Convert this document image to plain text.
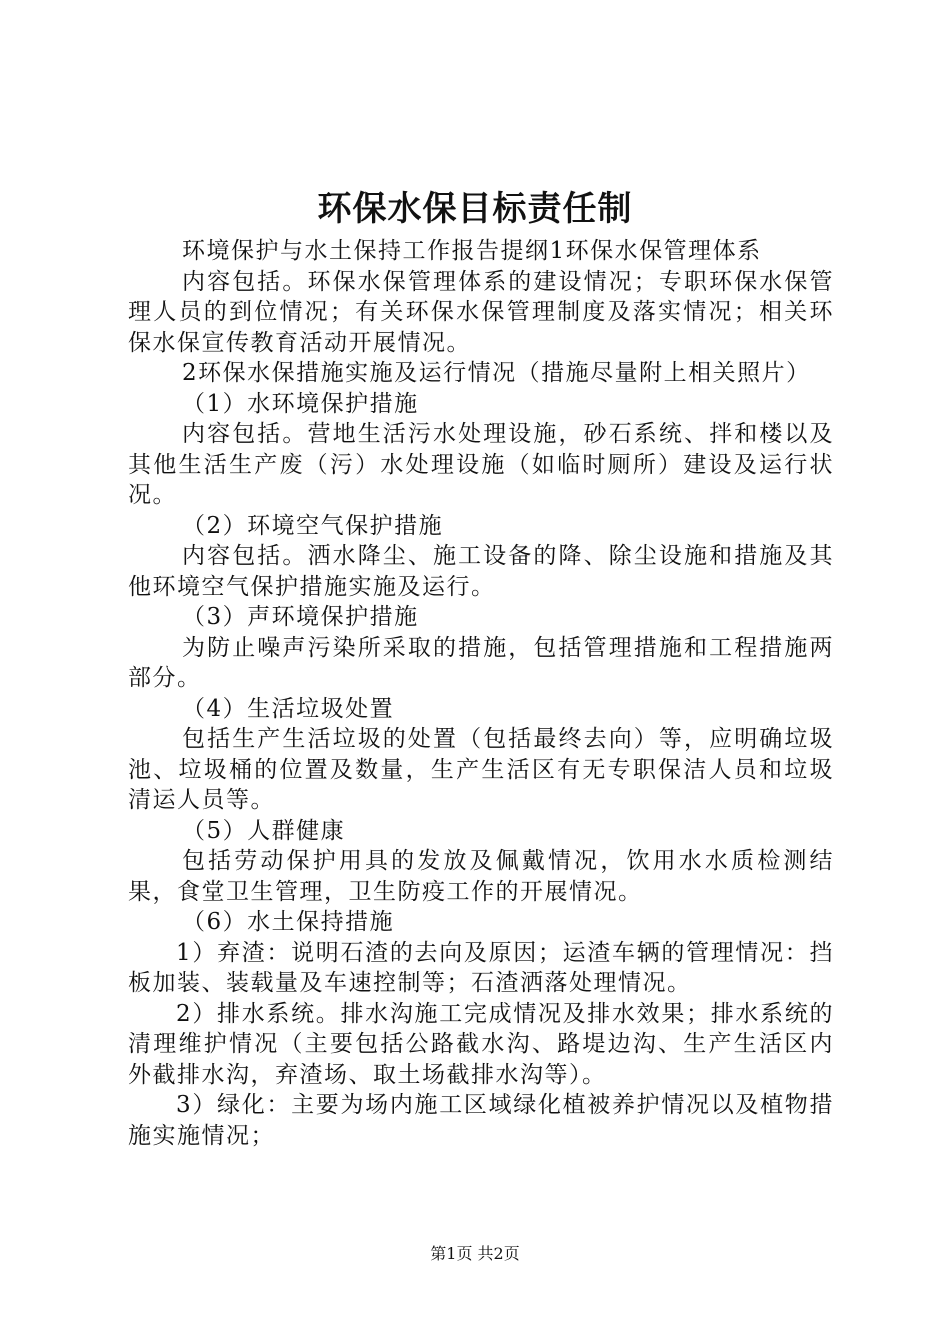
环保水保目标责任制

环境保护与水土保持工作报告提纲1环保水保管理体系

内容包括。环保水保管理体系的建设情况；专职环保水保管理人员的到位情况；有关环保水保管理制度及落实情况；相关环保水保宣传教育活动开展情况。

2环保水保措施实施及运行情况（措施尽量附上相关照片）

（1）水环境保护措施

内容包括。营地生活污水处理设施，砂石系统、拌和楼以及其他生活生产废（污）水处理设施（如临时厕所）建设及运行状况。

（2）环境空气保护措施

内容包括。洒水降尘、施工设备的降、除尘设施和措施及其他环境空气保护措施实施及运行。

（3）声环境保护措施

为防止噪声污染所采取的措施，包括管理措施和工程措施两部分。

（4）生活垃圾处置

包括生产生活垃圾的处置（包括最终去向）等，应明确垃圾池、垃圾桶的位置及数量，生产生活区有无专职保洁人员和垃圾清运人员等。

（5）人群健康

包括劳动保护用具的发放及佩戴情况，饮用水水质检测结果，食堂卫生管理，卫生防疫工作的开展情况。

（6）水土保持措施

1）弃渣：说明石渣的去向及原因；运渣车辆的管理情况：挡板加装、装载量及车速控制等；石渣洒落处理情况。

2）排水系统。排水沟施工完成情况及排水效果；排水系统的清理维护情况（主要包括公路截水沟、路堤边沟、生产生活区内外截排水沟，弃渣场、取土场截排水沟等）。

3）绿化：主要为场内施工区域绿化植被养护情况以及植物措施实施情况；

第1页 共2页
